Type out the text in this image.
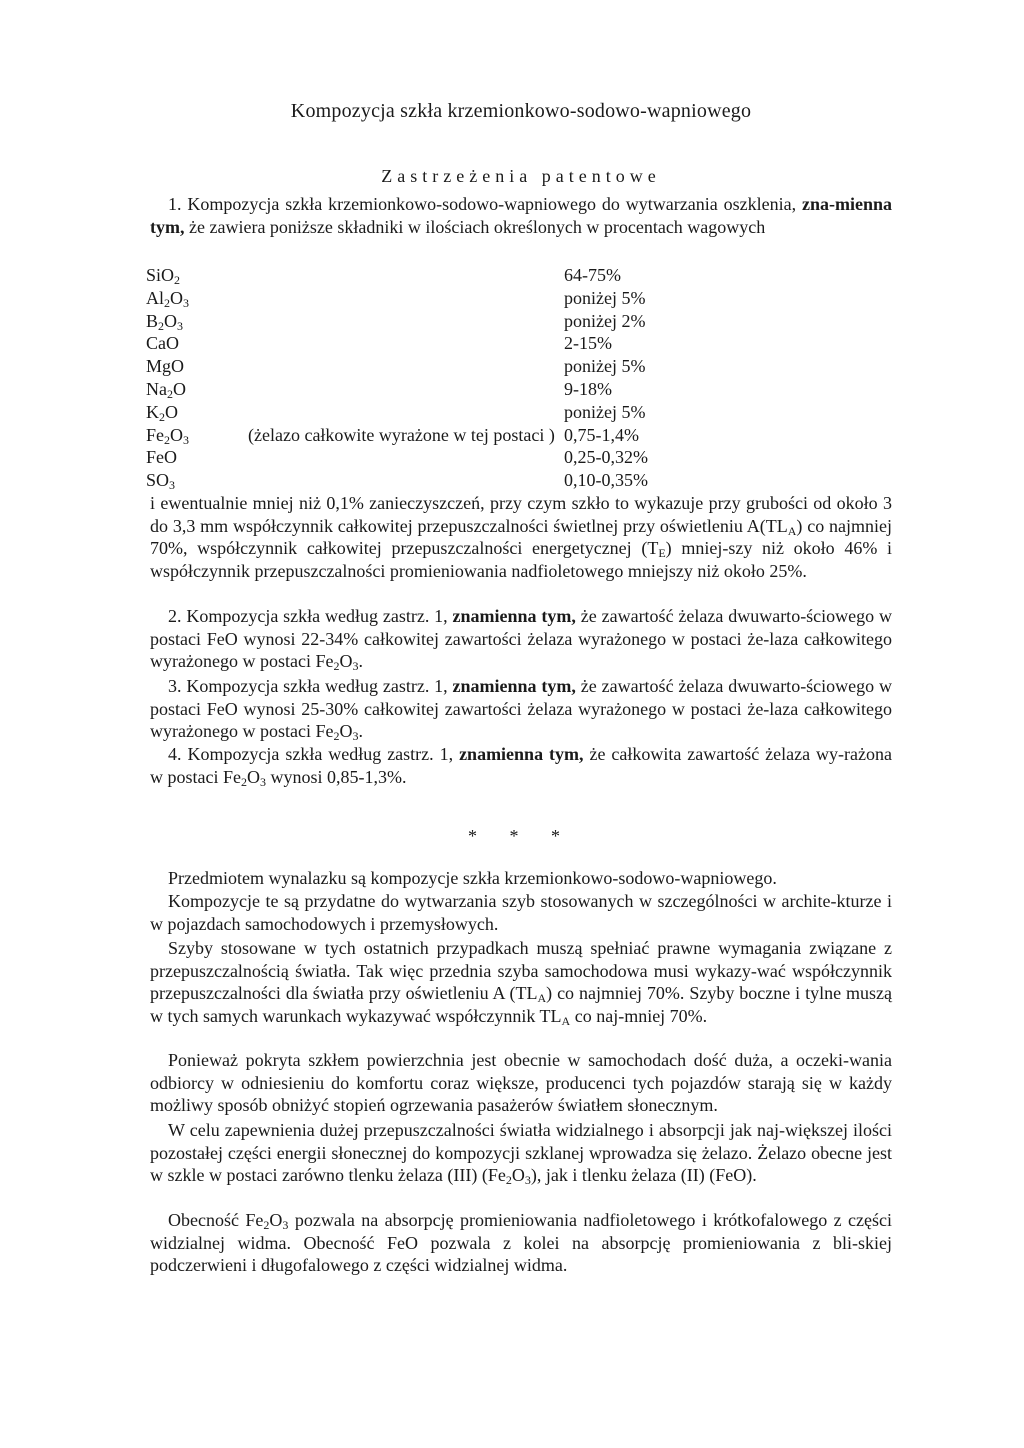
Kompozycja szkła krzemionkowo-sodowo-wapniowego
Zastrzeżenia patentowe

1. Kompozycja szkła krzemionkowo-sodowo-wapniowego do wytwarzania oszklenia, zna-mienna tym, że zawiera poniższe składniki w ilościach określonych w procentach wagowych

SiO$_2$	64-75%
$Al_2O_3$	poniżej 5%
$B_2O_3$	poniżej 2%
CaO	2-15%
MgO	poniżej 5%
$Na_2O$	9-18%
$K_2O$	poniżej 5%
$Fe_2O_3$	(żelazo całkowite wyrażone w tej postaci ) 0,75-1,4%
FeO	0,25-0,32%
$SO_3$	0,10-0,35%

i ewentualnie mniej niż 0,1% zanieczyszczeń, przy czym szkło to wykazuje przy grubości od około 3 do 3,3 mm współczynnik całkowitej przepuszczalności świetlnej przy oświetleniu $A(TL_A)$ co najmniej 70%, współczynnik całkowitej przepuszczalności energetycznej $(T_E)$ mniej-szy niż około 46% i współczynnik przepuszczalności promieniowania nadfioletowego mniejszy niż około 25%.

2. Kompozycja szkła według zastrz. 1, znamienna tym, że zawartość żelaza dwuwarto-ściowego w postaci FeO wynosi 22-34% całkowitej zawartości żelaza wyrażonego w postaci że-laza całkowitego wyrażonego w postaci $Fe_2O_3$.

3. Kompozycja szkła według zastrz. 1, znamienna tym, że zawartość żelaza dwuwarto-ściowego w postaci FeO wynosi 25-30% całkowitej zawartości żelaza wyrażonego w postaci że-laza całkowitego wyrażonego w postaci $Fe_2O_3$.

4. Kompozycja szkła według zastrz. 1, znamienna tym, że całkowita zawartość żelaza wy-rażona w postaci $Fe_2O_3$ wynosi 0,85-1,3%.

* * *

Przedmiotem wynalazku są kompozycje szkła krzemionkowo-sodowo-wapniowego.

Kompozycje te są przydatne do wytwarzania szyb stosowanych w szczególności w archite-kturze i w pojazdach samochodowych i przemysłowych.

Szyby stosowane w tych ostatnich przypadkach muszą spełniać prawne wymagania związane z przepuszczalnością światła. Tak więc przednia szyba samochodowa musi wykazy-wać współczynnik przepuszczalności dla światła przy oświetleniu A $(TL_A)$ co najmniej 70%. Szyby boczne i tylne muszą w tych samych warunkach wykazywać współczynnik $TL_A$ co naj-mniej 70%.

Ponieważ pokryta szkłem powierzchnia jest obecnie w samochodach dość duża, a oczeki-wania odbiorcy w odniesieniu do komfortu coraz większe, producenci tych pojazdów starają się w każdy możliwy sposób obniżyć stopień ogrzewania pasażerów światłem słonecznym.

W celu zapewnienia dużej przepuszczalności światła widzialnego i absorpcji jak naj-większej ilości pozostałej części energii słonecznej do kompozycji szklanej wprowadza się żelazo. Żelazo obecne jest w szkle w postaci zarówno tlenku żelaza (III) $(Fe_2O_3)$, jak i tlenku żelaza (II) (FeO).

Obecność $Fe_2O_3$ pozwala na absorpcję promieniowania nadfioletowego i krótkofalowego z części widzialnej widma. Obecność FeO pozwala z kolei na absorpcję promieniowania z bli-skiej podczerwieni i długofalowego z części widzialnej widma.
